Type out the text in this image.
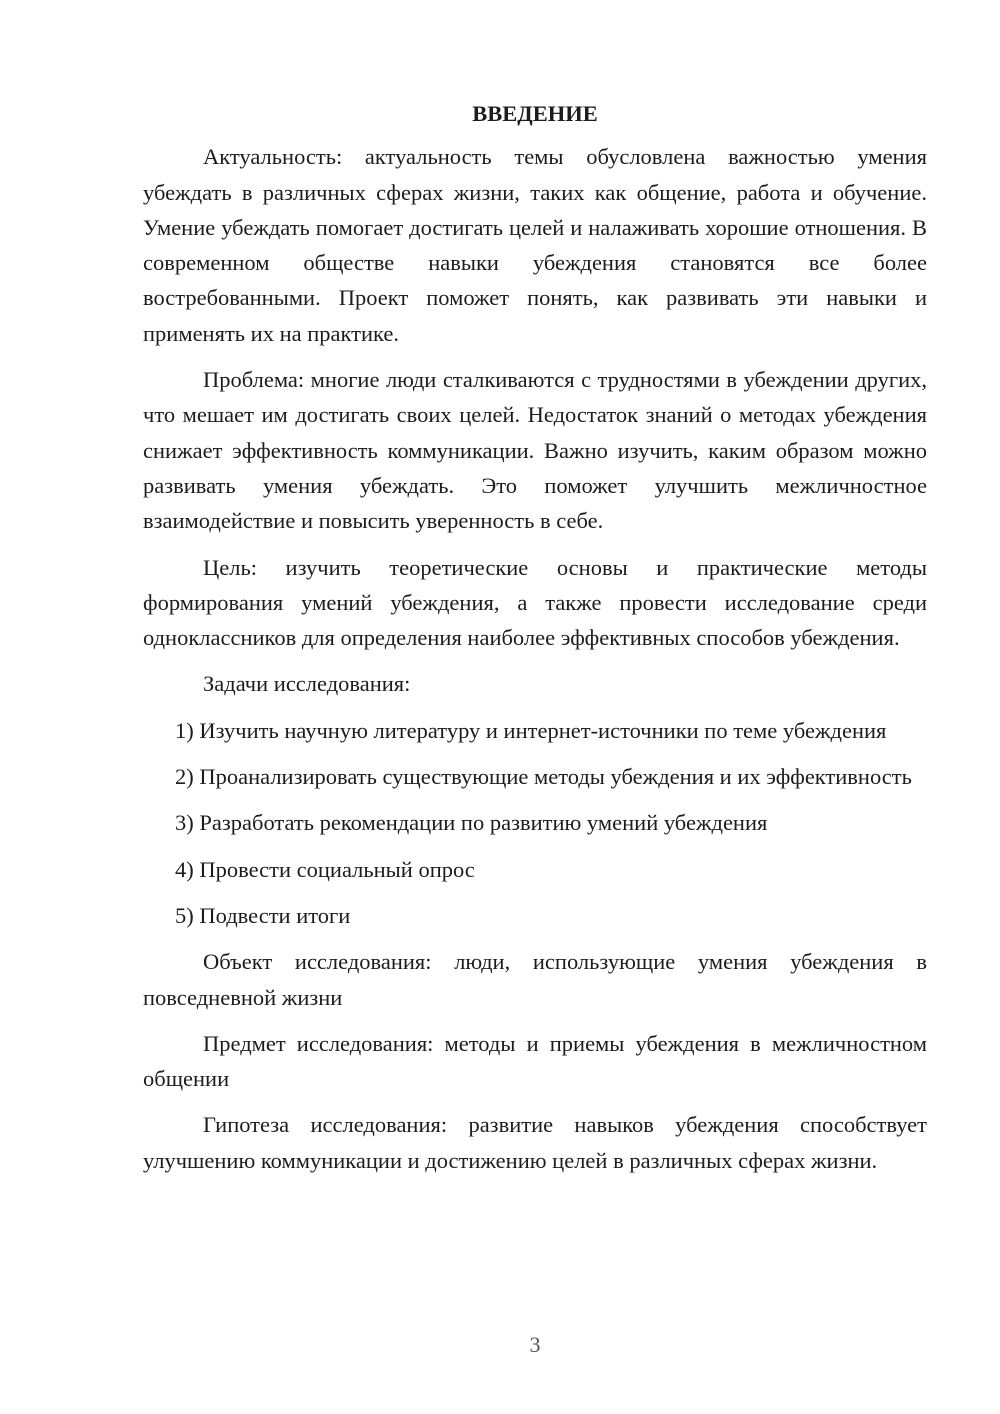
ВВЕДЕНИЕ

Актуальность: актуальность темы обусловлена важностью умения убеждать в различных сферах жизни, таких как общение, работа и обучение. Умение убеждать помогает достигать целей и налаживать хорошие отношения. В современном обществе навыки убеждения становятся все более востребованными. Проект поможет понять, как развивать эти навыки и применять их на практике.

Проблема: многие люди сталкиваются с трудностями в убеждении других, что мешает им достигать своих целей. Недостаток знаний о методах убеждения снижает эффективность коммуникации. Важно изучить, каким образом можно развивать умения убеждать. Это поможет улучшить межличностное взаимодействие и повысить уверенность в себе.

Цель: изучить теоретические основы и практические методы формирования умений убеждения, а также провести исследование среди одноклассников для определения наиболее эффективных способов убеждения.

Задачи исследования:

1) Изучить научную литературу и интернет-источники по теме убеждения

2) Проанализировать существующие методы убеждения и их эффективность

3) Разработать рекомендации по развитию умений убеждения

4) Провести социальный опрос

5) Подвести итоги

Объект исследования: люди, использующие умения убеждения в повседневной жизни

Предмет исследования: методы и приемы убеждения в межличностном общении

Гипотеза исследования: развитие навыков убеждения способствует улучшению коммуникации и достижению целей в различных сферах жизни.

3
